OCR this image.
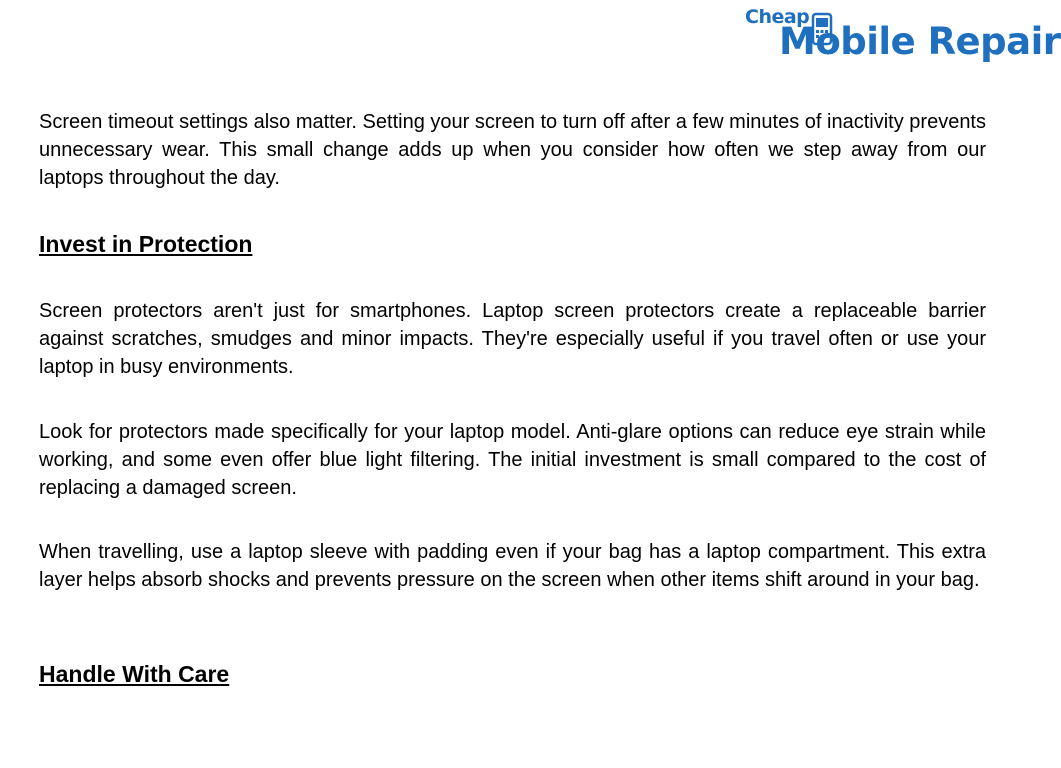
Cheap
Mobile Repair

Screen timeout settings also matter. Setting your screen to turn off after a few minutes of inactivity prevents unnecessary wear. This small change adds up when you consider how often we step away from our laptops throughout the day.

Invest in Protection

Screen protectors aren't just for smartphones. Laptop screen protectors create a replaceable barrier against scratches, smudges and minor impacts. They're especially useful if you travel often or use your laptop in busy environments.

Look for protectors made specifically for your laptop model. Anti-glare options can reduce eye strain while working, and some even offer blue light filtering. The initial investment is small compared to the cost of replacing a damaged screen.

When travelling, use a laptop sleeve with padding even if your bag has a laptop compartment. This extra layer helps absorb shocks and prevents pressure on the screen when other items shift around in your bag.

Handle With Care
